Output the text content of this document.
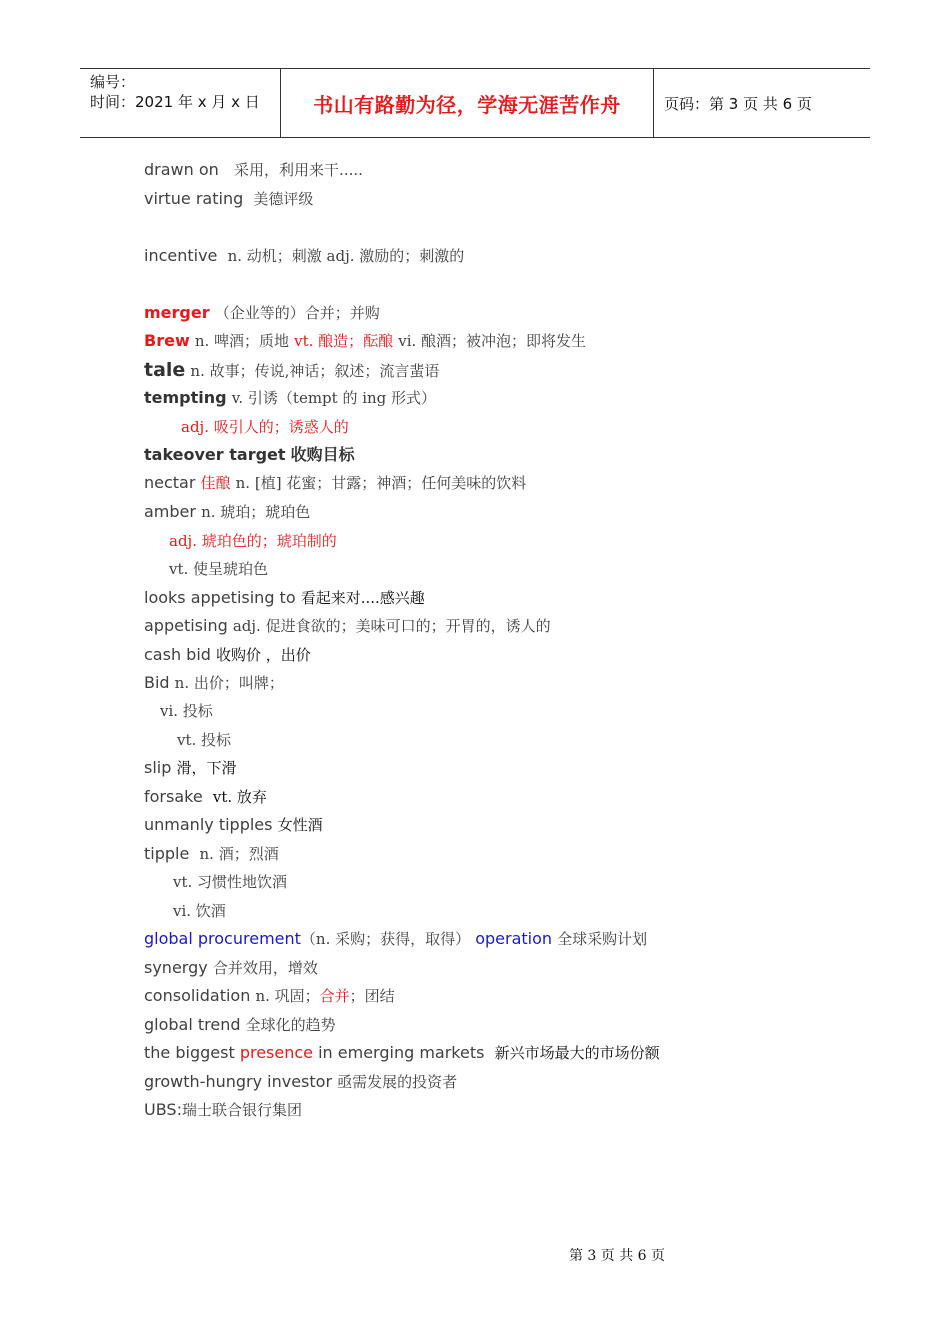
编号：
时间：2021 年 x 月 x 日	书山有路勤为径，学海无涯苦作舟	页码：第 3 页 共 6 页
drawn on 采用，利用来干.....
virtue rating 美德评级
incentive n. 动机；刺激 adj. 激励的；刺激的
merger （企业等的）合并；并购
Brew n. 啤酒；质地 vt. 酿造；酝酿 vi. 酿酒；被冲泡；即将发生
tale n. 故事；传说,神话；叙述；流言蜚语
tempting v. 引诱（tempt 的 ing 形式）
adj. 吸引人的；诱惑人的
takeover target 收购目标
nectar 佳酿 n. [植] 花蜜；甘露；神酒；任何美味的饮料
amber n. 琥珀；琥珀色
adj. 琥珀色的；琥珀制的
vt. 使呈琥珀色
looks appetising to 看起来对....感兴趣
appetising adj. 促进食欲的；美味可口的；开胃的，诱人的
cash bid 收购价 ，出价
Bid n. 出价；叫牌；
vi. 投标
vt. 投标
slip 滑，下滑
forsake vt. 放弃
unmanly tipples 女性酒
tipple n. 酒；烈酒
vt. 习惯性地饮酒
vi. 饮酒
global procurement（n. 采购；获得，取得） operation 全球采购计划
synergy 合并效用，增效
consolidation n. 巩固；合并；团结
global trend 全球化的趋势
the biggest presence in emerging markets 新兴市场最大的市场份额
growth-hungry investor 亟需发展的投资者
UBS:瑞士联合银行集团
第 3 页 共 6 页
